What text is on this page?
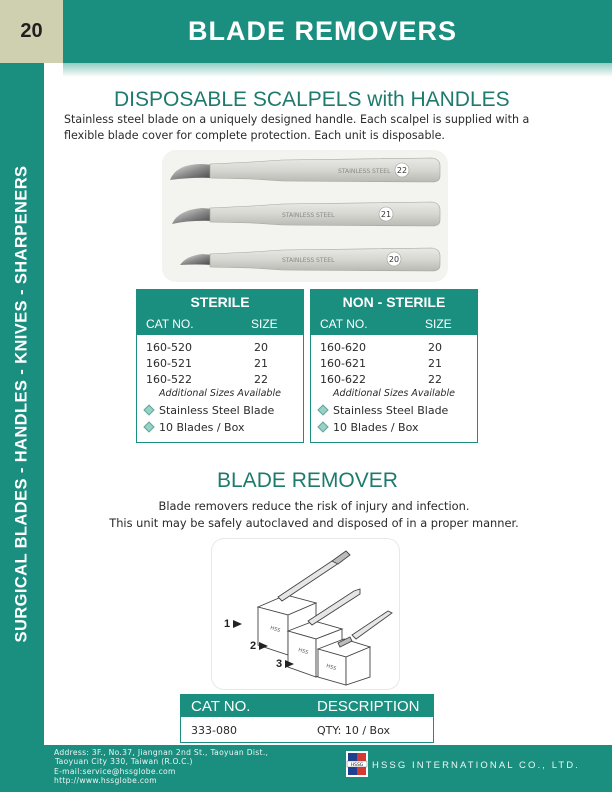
20	BLADE REMOVERS
SURGICAL BLADES - HANDLES - KNIVES - SHARPENERS
DISPOSABLE SCALPELS with HANDLES
Stainless steel blade on a uniquely designed handle. Each scalpel is supplied with a flexible blade cover for complete protection. Each unit is disposable.
STAINLESS STEEL 22
STAINLESS STEEL	21
STAINLESS STEEL	20
STERILE
CAT NO.	SIZE
160-520	20
160-521	21
160-522	22
Additional Sizes Available
Stainless Steel Blade
10 Blades / Box
NON - STERILE
CAT NO.	SIZE
160-620	20
160-621	21
160-622	22
Additional Sizes Available
Stainless Steel Blade
10 Blades / Box
BLADE REMOVER
Blade removers reduce the risk of injury and infection.
This unit may be safely autoclaved and disposed of in a proper manner.
HSS
HSS
HSS
1
2
3
CAT NO.	DESCRIPTION
333-080	QTY: 10 / Box
Address: 3F., No.37, Jiangnan 2nd St., Taoyuan Dist.,
Taoyuan City 330, Taiwan (R.O.C.)
E-mail:service@hssglobe.com
http://www.hssglobe.com
HSSG HSSG INTERNATIONAL CO., LTD.
